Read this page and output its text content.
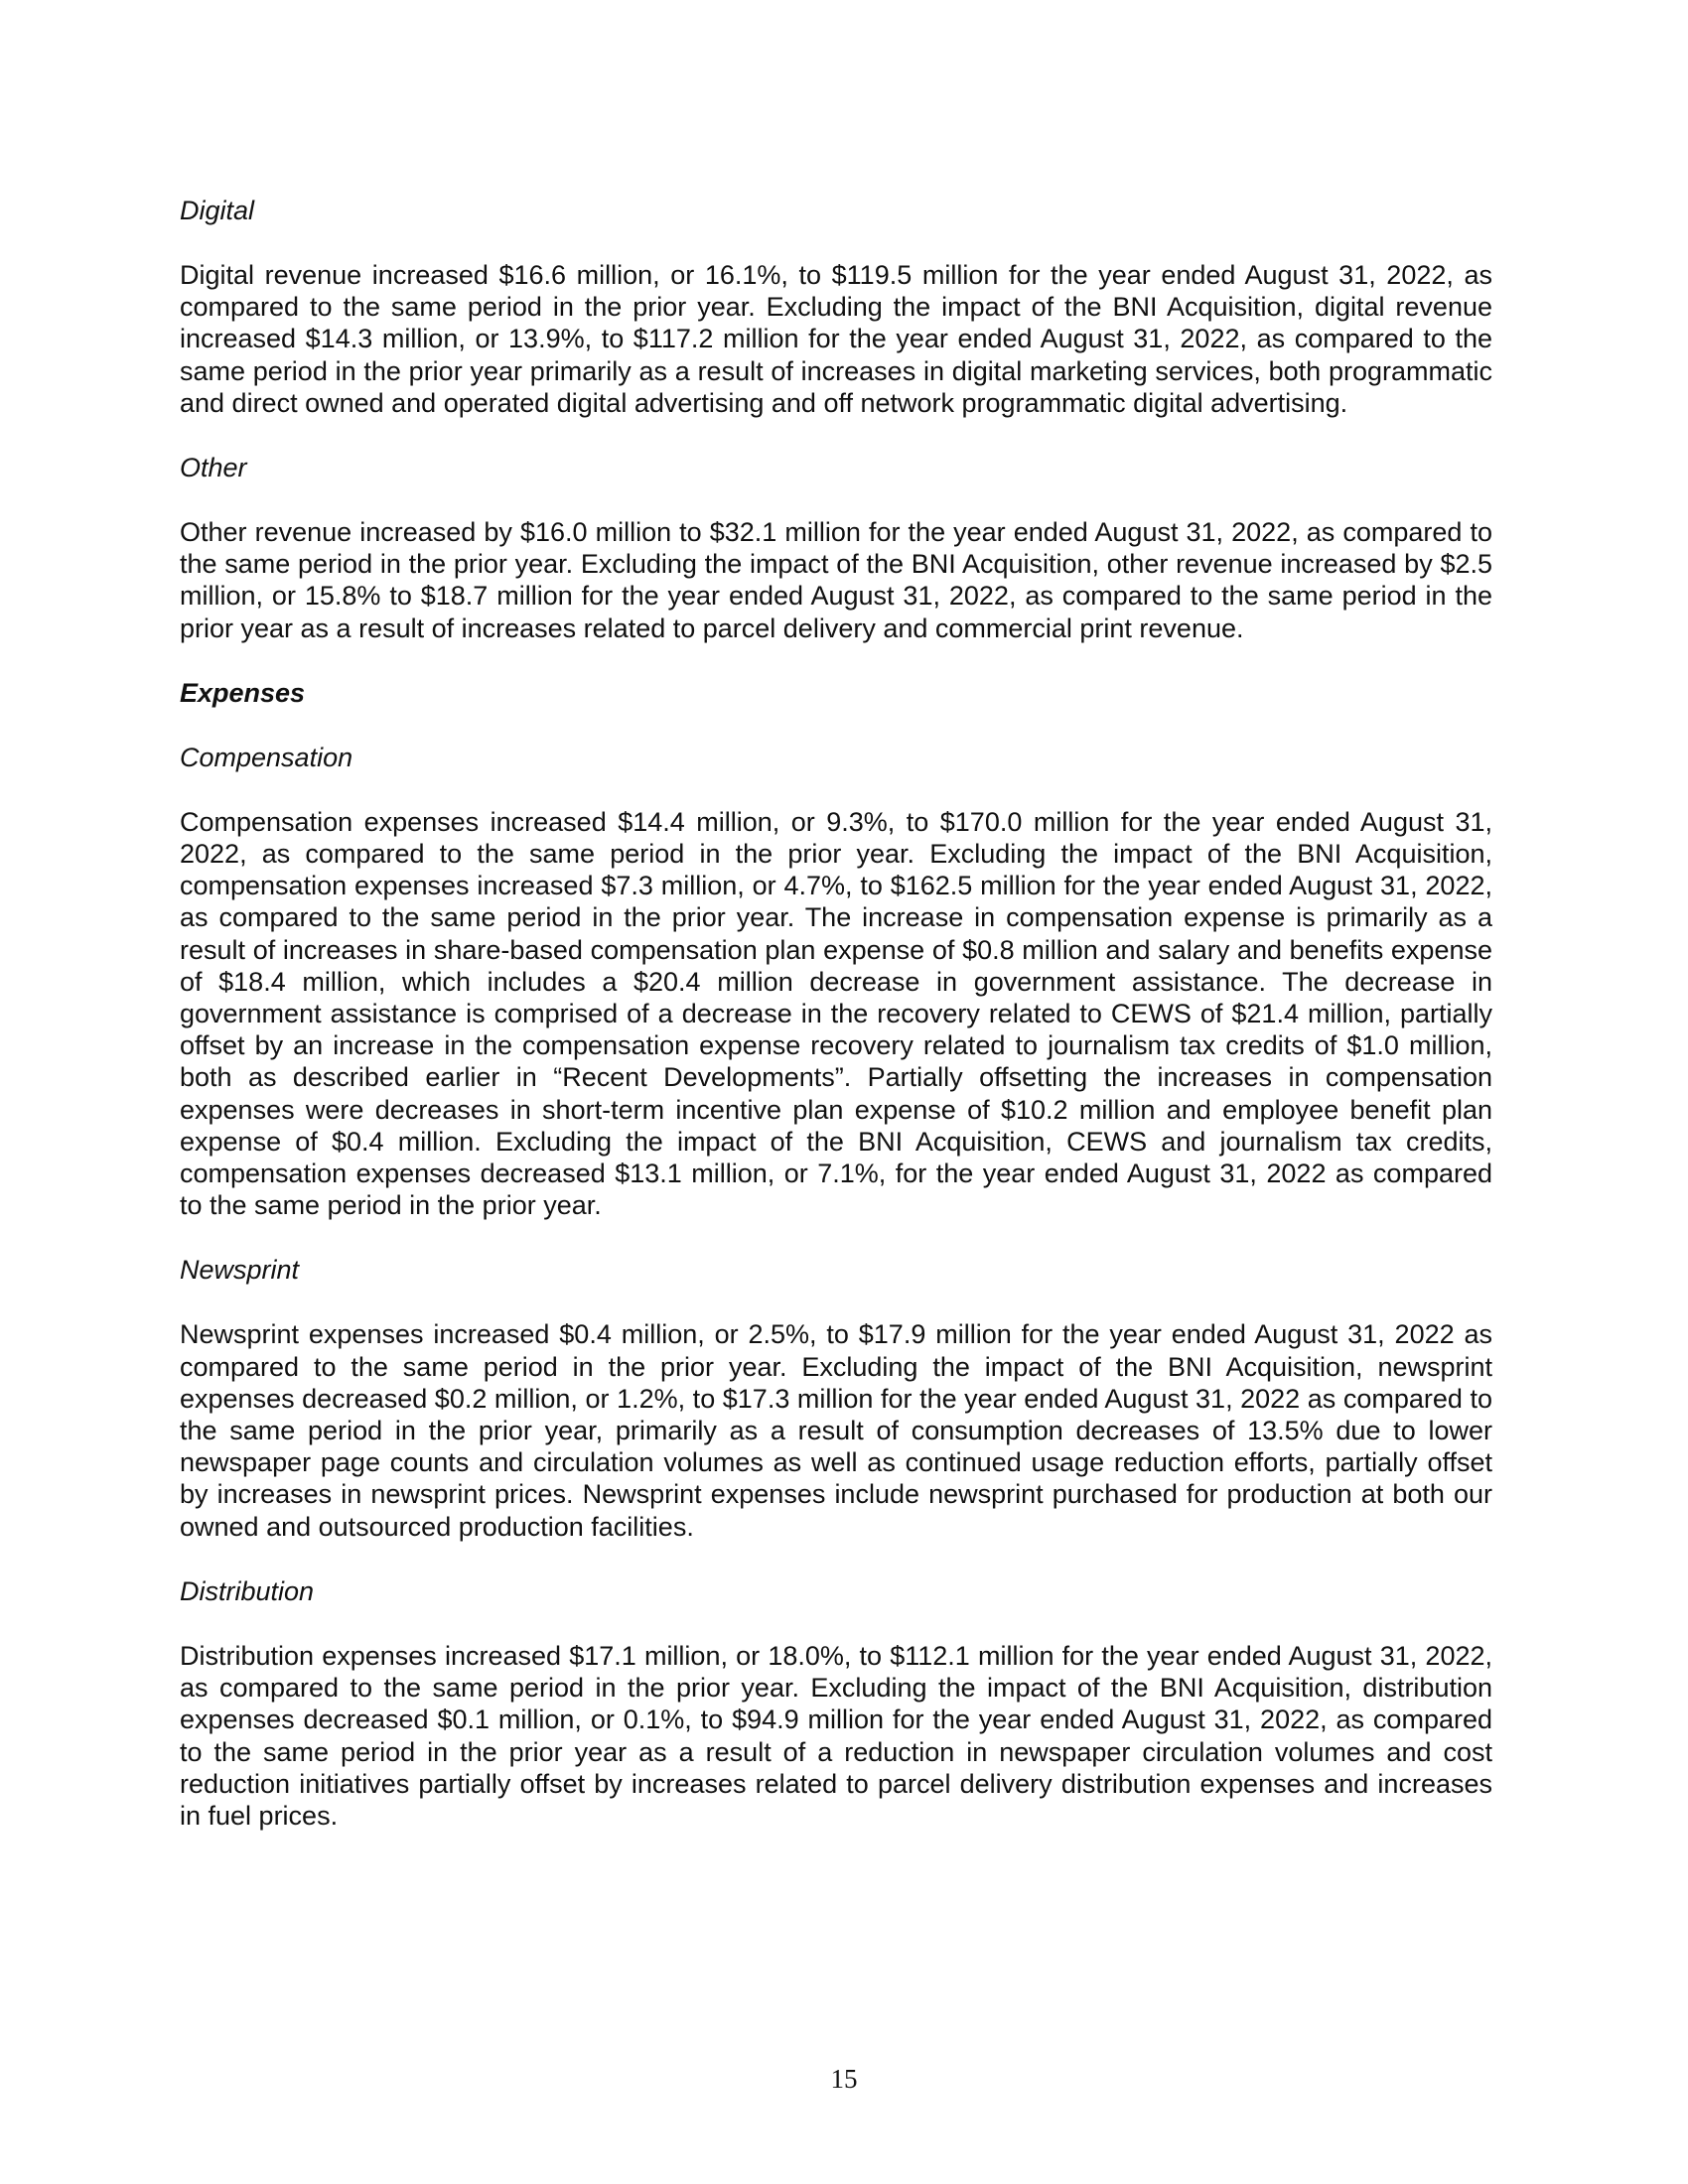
Digital

Digital revenue increased $16.6 million, or 16.1%, to $119.5 million for the year ended August 31, 2022, as compared to the same period in the prior year. Excluding the impact of the BNI Acquisition, digital revenue increased $14.3 million, or 13.9%, to $117.2 million for the year ended August 31, 2022, as compared to the same period in the prior year primarily as a result of increases in digital marketing services, both programmatic and direct owned and operated digital advertising and off network programmatic digital advertising.

Other

Other revenue increased by $16.0 million to $32.1 million for the year ended August 31, 2022, as compared to the same period in the prior year. Excluding the impact of the BNI Acquisition, other revenue increased by $2.5 million, or 15.8% to $18.7 million for the year ended August 31, 2022, as compared to the same period in the prior year as a result of increases related to parcel delivery and commercial print revenue.

Expenses
Compensation

Compensation expenses increased $14.4 million, or 9.3%, to $170.0 million for the year ended August 31, 2022, as compared to the same period in the prior year. Excluding the impact of the BNI Acquisition, compensation expenses increased $7.3 million, or 4.7%, to $162.5 million for the year ended August 31, 2022, as compared to the same period in the prior year. The increase in compensation expense is primarily as a result of increases in share-based compensation plan expense of $0.8 million and salary and benefits expense of $18.4 million, which includes a $20.4 million decrease in government assistance. The decrease in government assistance is comprised of a decrease in the recovery related to CEWS of $21.4 million, partially offset by an increase in the compensation expense recovery related to journalism tax credits of $1.0 million, both as described earlier in “Recent Developments”. Partially offsetting the increases in compensation expenses were decreases in short-term incentive plan expense of $10.2 million and employee benefit plan expense of $0.4 million. Excluding the impact of the BNI Acquisition, CEWS and journalism tax credits, compensation expenses decreased $13.1 million, or 7.1%, for the year ended August 31, 2022 as compared to the same period in the prior year.

Newsprint

Newsprint expenses increased $0.4 million, or 2.5%, to $17.9 million for the year ended August 31, 2022 as compared to the same period in the prior year. Excluding the impact of the BNI Acquisition, newsprint expenses decreased $0.2 million, or 1.2%, to $17.3 million for the year ended August 31, 2022 as compared to the same period in the prior year, primarily as a result of consumption decreases of 13.5% due to lower newspaper page counts and circulation volumes as well as continued usage reduction efforts, partially offset by increases in newsprint prices. Newsprint expenses include newsprint purchased for production at both our owned and outsourced production facilities.

Distribution

Distribution expenses increased $17.1 million, or 18.0%, to $112.1 million for the year ended August 31, 2022, as compared to the same period in the prior year. Excluding the impact of the BNI Acquisition, distribution expenses decreased $0.1 million, or 0.1%, to $94.9 million for the year ended August 31, 2022, as compared to the same period in the prior year as a result of a reduction in newspaper circulation volumes and cost reduction initiatives partially offset by increases related to parcel delivery distribution expenses and increases in fuel prices.

15
